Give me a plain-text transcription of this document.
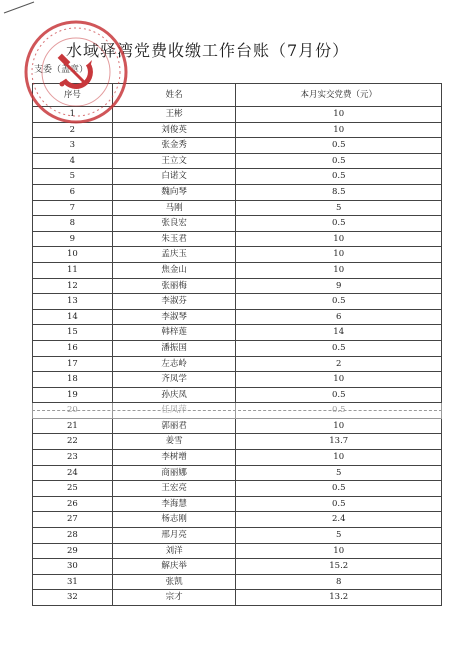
水域驿湾党费收缴工作台账（7月份）
支委（盖章）
序号	姓名	本月实交党费（元）
1	王彬	10
2	刘俊英	10
3	张金秀	0.5
4	王立文	0.5
5	白诺文	0.5
6	魏向琴	8.5
7	马刚	5
8	张良宏	0.5
9	朱玉君	10
10	孟庆玉	10
11	焦金山	10
12	张丽梅	9
13	李淑芬	0.5
14	李淑琴	6
15	韩梓莲	14
16	潘振国	0.5
17	左志岭	2
18	齐凤学	10
19	孙庆凤	0.5
20	任凤萍	0.5
21	郭丽君	10
22	姜雪	13.7
23	李树增	10
24	商丽娜	5
25	王宏亮	0.5
26	李海慧	0.5
27	杨志刚	2.4
28	邢月亮	5
29	刘洋	10
30	解庆举	15.2
31	张凯	8
32	宗才	13.2
